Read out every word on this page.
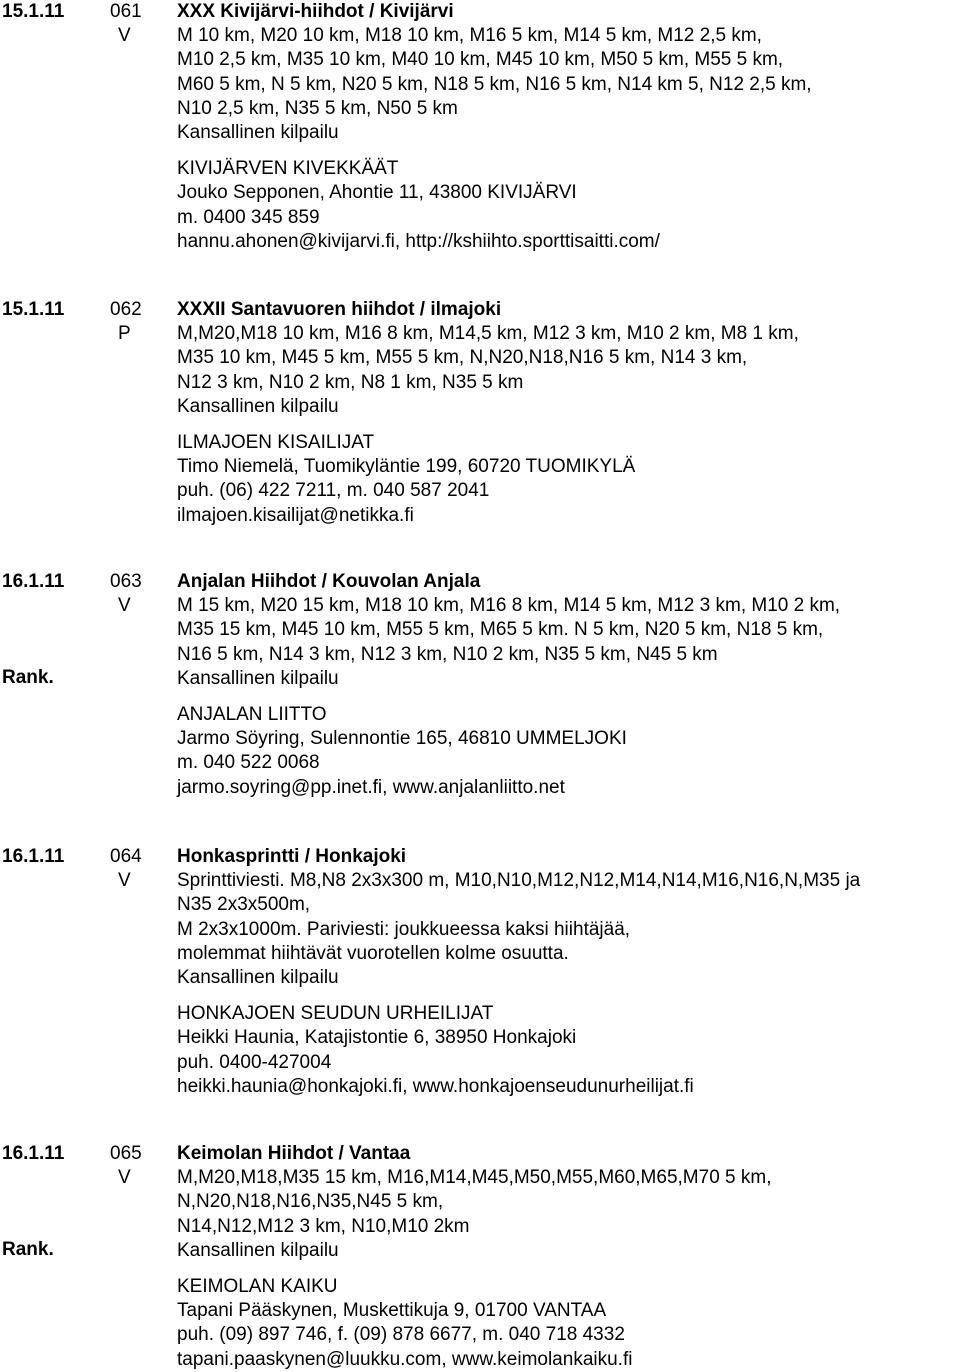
15.1.11 061
V
XXX Kivijärvi-hiihdot / Kivijärvi
M 10 km, M20 10 km, M18 10 km, M16 5 km, M14 5 km, M12 2,5 km,
M10 2,5 km, M35 10 km, M40 10 km, M45 10 km, M50 5 km, M55 5 km,
M60 5 km, N 5 km, N20 5 km, N18 5 km, N16 5 km, N14 km 5, N12 2,5 km,
N10 2,5 km, N35 5 km, N50 5 km
Kansallinen kilpailu
KIVIJÄRVEN KIVEKKÄÄT
Jouko Sepponen, Ahontie 11, 43800 KIVIJÄRVI
m. 0400 345 859
hannu.ahonen@kivijarvi.fi, http://kshiihto.sporttisaitti.com/
15.1.11 062
P
XXXII Santavuoren hiihdot / ilmajoki
M,M20,M18 10 km, M16 8 km, M14,5 km, M12 3 km, M10 2 km, M8 1 km,
M35 10 km, M45 5 km, M55 5 km, N,N20,N18,N16 5 km, N14 3 km,
N12 3 km, N10 2 km, N8 1 km, N35 5 km
Kansallinen kilpailu
ILMAJOEN KISAILIJAT
Timo Niemelä, Tuomikyläntie 199, 60720 TUOMIKYLÄ
puh. (06) 422 7211, m. 040 587 2041
ilmajoen.kisailijat@netikka.fi
16.1.11 063
V
Rank.
Anjalan Hiihdot / Kouvolan Anjala
M 15 km, M20 15 km, M18 10 km, M16 8 km, M14 5 km, M12 3 km, M10 2 km,
M35 15 km, M45 10 km, M55 5 km, M65 5 km. N 5 km, N20 5 km, N18 5 km,
N16 5 km, N14 3 km, N12 3 km, N10 2 km, N35 5 km, N45 5 km
Kansallinen kilpailu
ANJALAN LIITTO
Jarmo Söyring, Sulennontie 165, 46810 UMMELJOKI
m. 040 522 0068
jarmo.soyring@pp.inet.fi, www.anjalanliitto.net
16.1.11 064
V
Honkasprintti / Honkajoki
Sprinttiviesti. M8,N8 2x3x300 m, M10,N10,M12,N12,M14,N14,M16,N16,N,M35 ja
N35 2x3x500m,
M 2x3x1000m. Pariviesti: joukkueessa kaksi hiihtäjää,
molemmat hiihtävät vuorotellen kolme osuutta.
Kansallinen kilpailu
HONKAJOEN SEUDUN URHEILIJAT
Heikki Haunia, Katajistontie 6, 38950 Honkajoki
puh. 0400-427004
heikki.haunia@honkajoki.fi, www.honkajoenseudunurheilijat.fi
16.1.11 065
V
Rank.
Keimolan Hiihdot / Vantaa
M,M20,M18,M35 15 km, M16,M14,M45,M50,M55,M60,M65,M70 5 km,
N,N20,N18,N16,N35,N45 5 km,
N14,N12,M12 3 km, N10,M10 2km
Kansallinen kilpailu
KEIMOLAN KAIKU
Tapani Pääskynen, Muskettikuja 9, 01700 VANTAA
puh. (09) 897 746, f. (09) 878 6677, m. 040 718 4332
tapani.paaskynen@luukku.com, www.keimolankaiku.fi
